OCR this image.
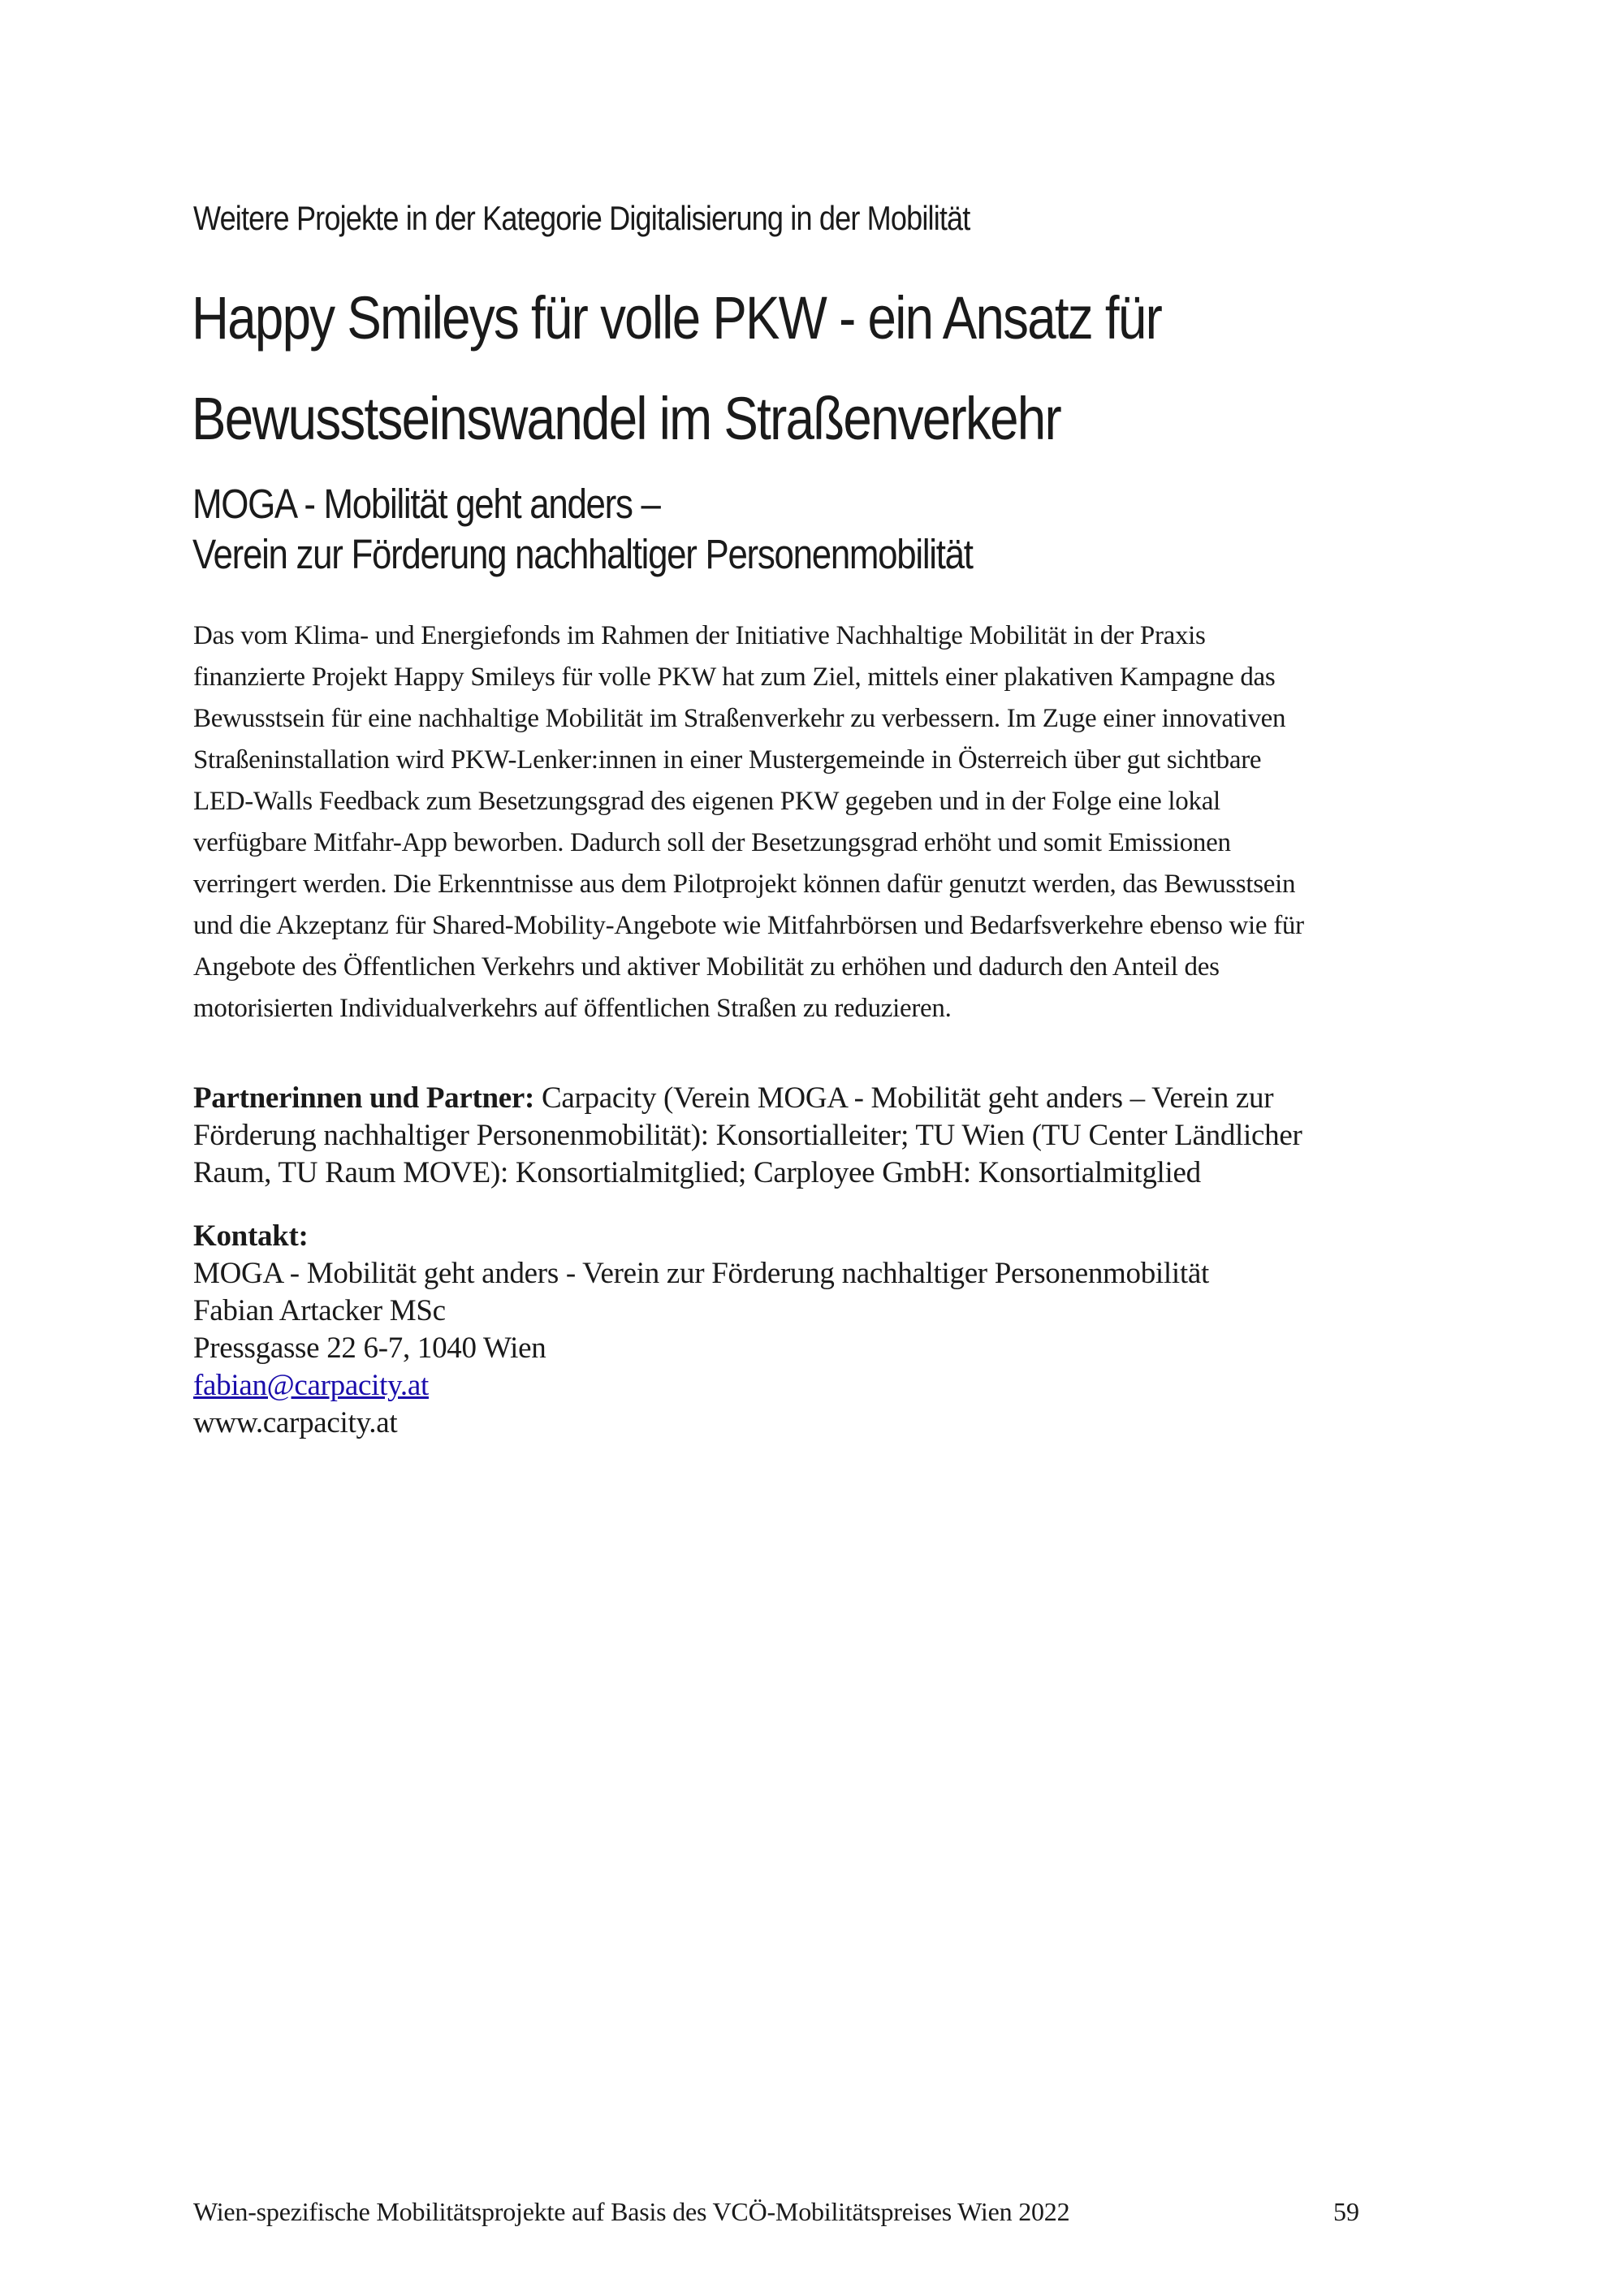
Weitere Projekte in der Kategorie Digitalisierung in der Mobilität
Happy Smileys für volle PKW - ein Ansatz für
Bewusstseinswandel im Straßenverkehr
MOGA - Mobilität geht anders –
Verein zur Förderung nachhaltiger Personenmobilität
Das vom Klima- und Energiefonds im Rahmen der Initiative Nachhaltige Mobilität in der Praxis
finanzierte Projekt Happy Smileys für volle PKW hat zum Ziel, mittels einer plakativen Kampagne das
Bewusstsein für eine nachhaltige Mobilität im Straßenverkehr zu verbessern. Im Zuge einer innovativen
Straßeninstallation wird PKW-Lenker:innen in einer Mustergemeinde in Österreich über gut sichtbare
LED-Walls Feedback zum Besetzungsgrad des eigenen PKW gegeben und in der Folge eine lokal
verfügbare Mitfahr-App beworben. Dadurch soll der Besetzungsgrad erhöht und somit Emissionen
verringert werden. Die Erkenntnisse aus dem Pilotprojekt können dafür genutzt werden, das Bewusstsein
und die Akzeptanz für Shared-Mobility-Angebote wie Mitfahrbörsen und Bedarfsverkehre ebenso wie für
Angebote des Öffentlichen Verkehrs und aktiver Mobilität zu erhöhen und dadurch den Anteil des
motorisierten Individualverkehrs auf öffentlichen Straßen zu reduzieren.
Partnerinnen und Partner: Carpacity (Verein MOGA - Mobilität geht anders – Verein zur
Förderung nachhaltiger Personenmobilität): Konsortialleiter; TU Wien (TU Center Ländlicher
Raum, TU Raum MOVE): Konsortialmitglied; Carployee GmbH: Konsortialmitglied
Kontakt:
MOGA - Mobilität geht anders - Verein zur Förderung nachhaltiger Personenmobilität
Fabian Artacker MSc
Pressgasse 22 6-7, 1040 Wien
fabian@carpacity.at
www.carpacity.at
Wien-spezifische Mobilitätsprojekte auf Basis des VCÖ-Mobilitätspreises Wien 2022	59
